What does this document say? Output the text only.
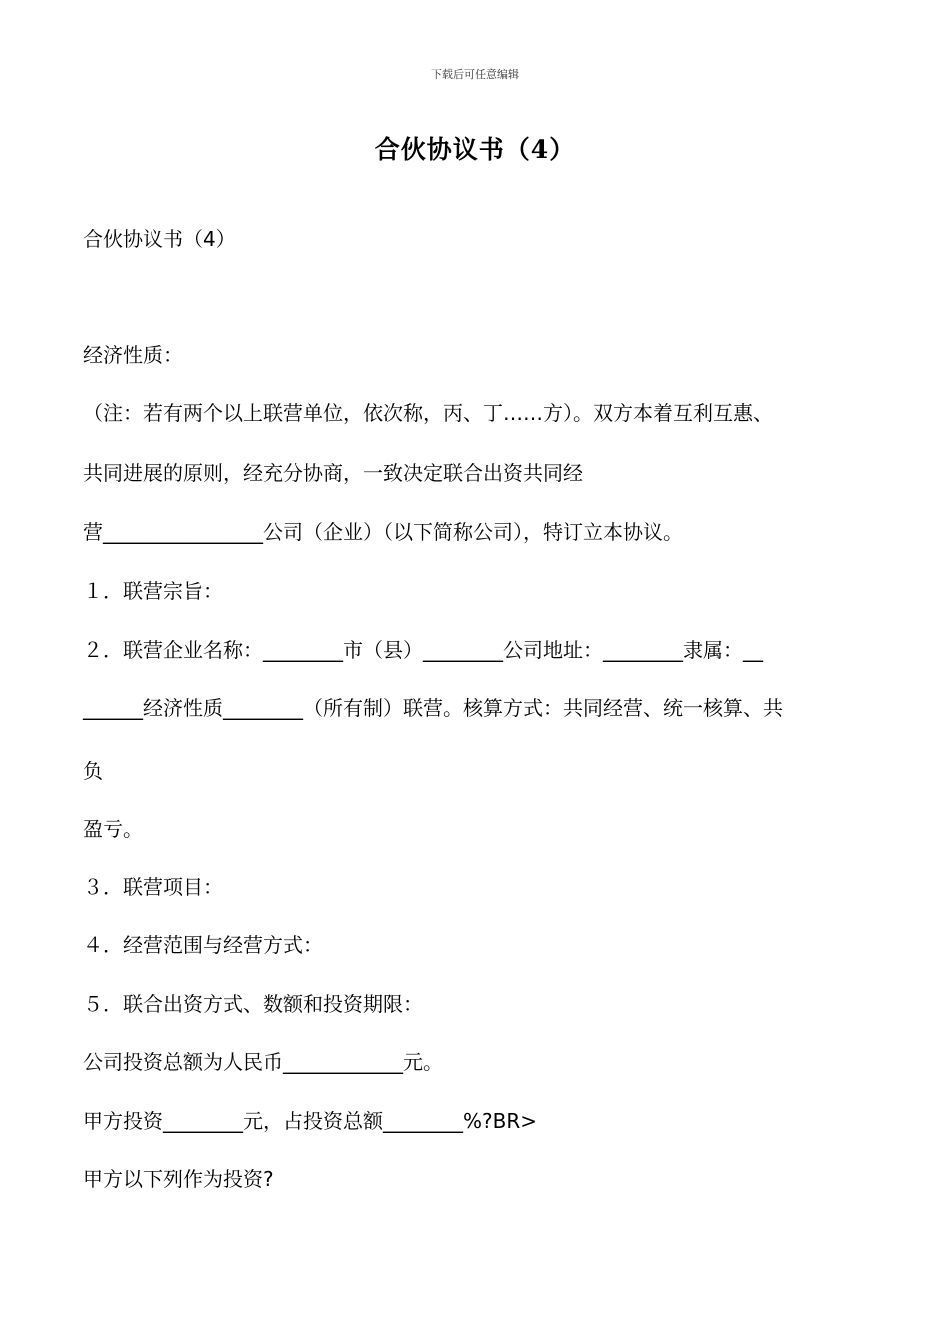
下载后可任意编辑
合伙协议书（4）
合伙协议书（4）
经济性质：
（注：若有两个以上联营单位，依次称，丙、丁……方）。双方本着互利互惠、
共同进展的原则，经充分协商，一致决定联合出资共同经
营________________公司（企业）（以下简称公司），特订立本协议。
１．联营宗旨：
２．联营企业名称：________市（县）________公司地址：________隶属：__
______经济性质________（所有制）联营。核算方式：共同经营、统一核算、共
负
盈亏。
３．联营项目：
４．经营范围与经营方式：
５．联合出资方式、数额和投资期限：
公司投资总额为人民币____________元。
甲方投资________元，占投资总额________%?BR>
甲方以下列作为投资?
